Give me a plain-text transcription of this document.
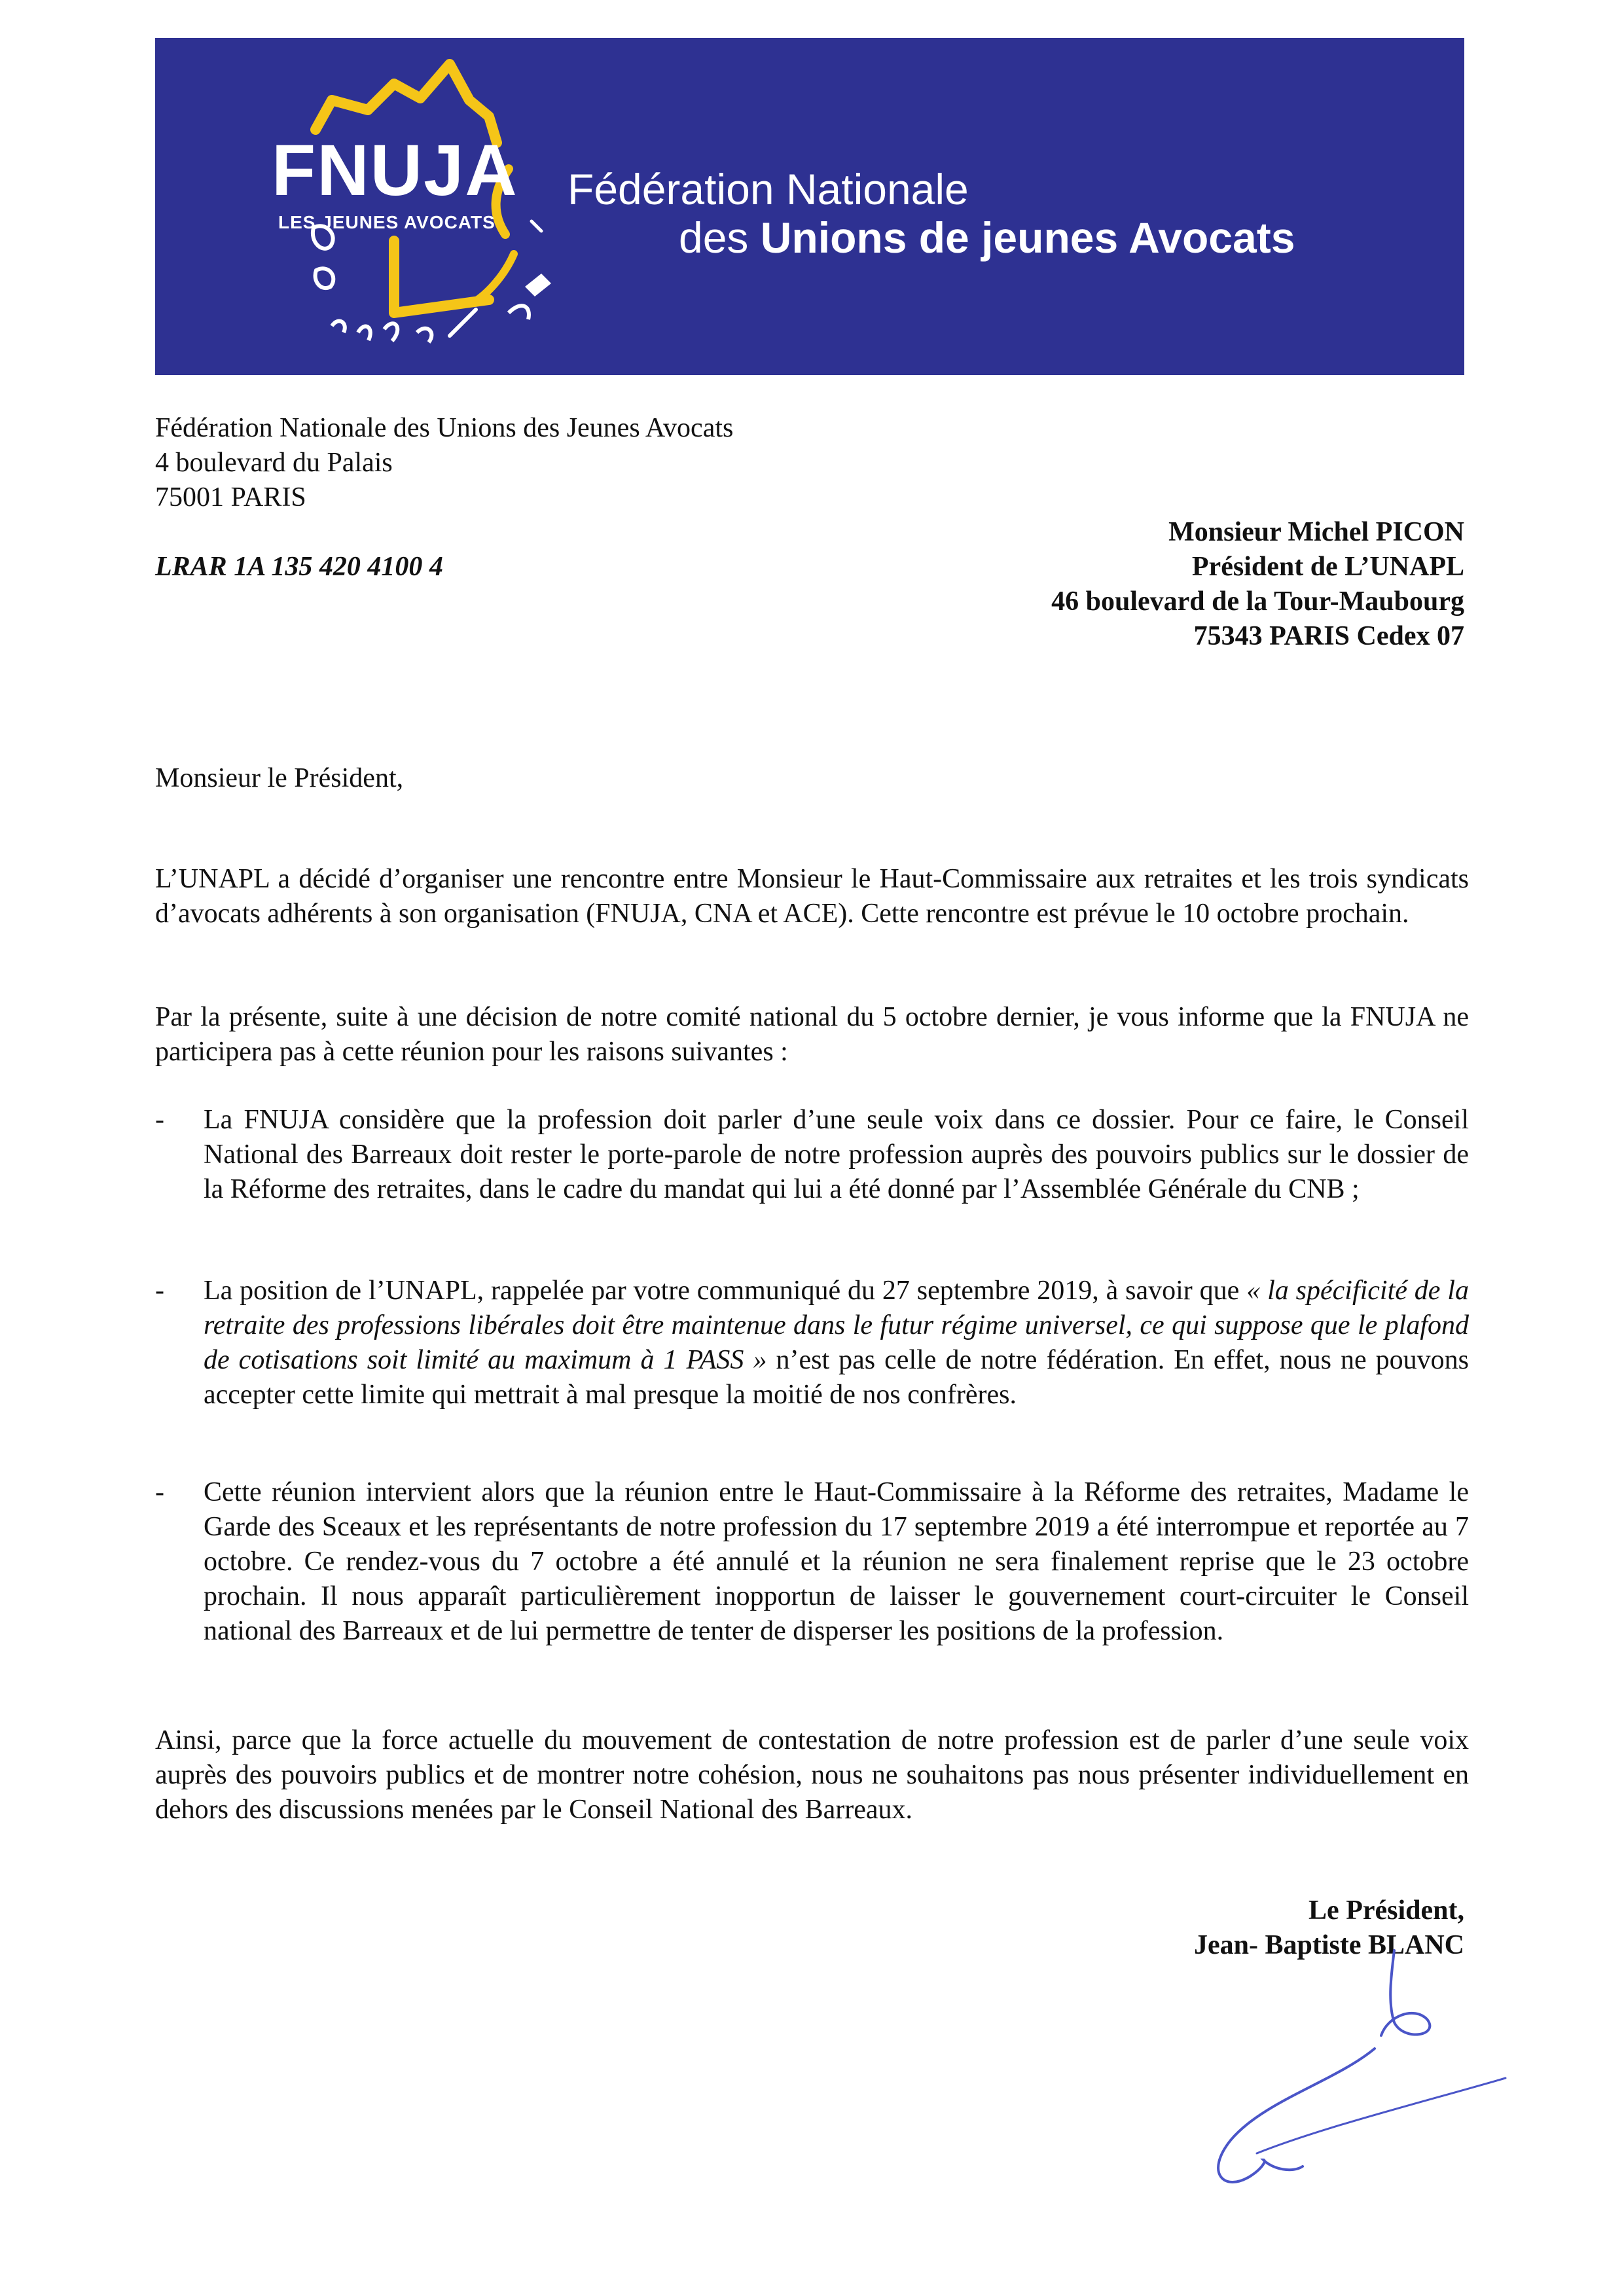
FNUJA
LES JEUNES AVOCATS
Fédération Nationale
des Unions de jeunes Avocats
Fédération Nationale des Unions des Jeunes Avocats
4 boulevard du Palais
75001 PARIS
LRAR 1A 135 420 4100 4
Monsieur Michel PICON
Président de L’UNAPL
46 boulevard de la Tour-Maubourg
75343 PARIS Cedex 07
Monsieur le Président,
L’UNAPL a décidé d’organiser une rencontre entre Monsieur le Haut-Commissaire aux retraites et les trois syndicats d’avocats adhérents à son organisation (FNUJA, CNA et ACE). Cette rencontre est prévue le 10 octobre prochain.
Par la présente, suite à une décision de notre comité national du 5 octobre dernier, je vous informe que la FNUJA ne participera pas à cette réunion pour les raisons suivantes :
-	La FNUJA considère que la profession doit parler d’une seule voix dans ce dossier. Pour ce faire, le Conseil National des Barreaux doit rester le porte-parole de notre profession auprès des pouvoirs publics sur le dossier de la Réforme des retraites, dans le cadre du mandat qui lui a été donné par l’Assemblée Générale du CNB ;
-	La position de l’UNAPL, rappelée par votre communiqué du 27 septembre 2019, à savoir que « la spécificité de la retraite des professions libérales doit être maintenue dans le futur régime universel, ce qui suppose que le plafond de cotisations soit limité au maximum à 1 PASS » n’est pas celle de notre fédération. En effet, nous ne pouvons accepter cette limite qui mettrait à mal presque la moitié de nos confrères.
-	Cette réunion intervient alors que la réunion entre le Haut-Commissaire à la Réforme des retraites, Madame le Garde des Sceaux et les représentants de notre profession du 17 septembre 2019 a été interrompue et reportée au 7 octobre. Ce rendez-vous du 7 octobre a été annulé et la réunion ne sera finalement reprise que le 23 octobre prochain. Il nous apparaît particulièrement inopportun de laisser le gouvernement court-circuiter le Conseil national des Barreaux et de lui permettre de tenter de disperser les positions de la profession.
Ainsi, parce que la force actuelle du mouvement de contestation de notre profession est de parler d’une seule voix auprès des pouvoirs publics et de montrer notre cohésion, nous ne souhaitons pas nous présenter individuellement en dehors des discussions menées par le Conseil National des Barreaux.
Le Président,
Jean- Baptiste BLANC
